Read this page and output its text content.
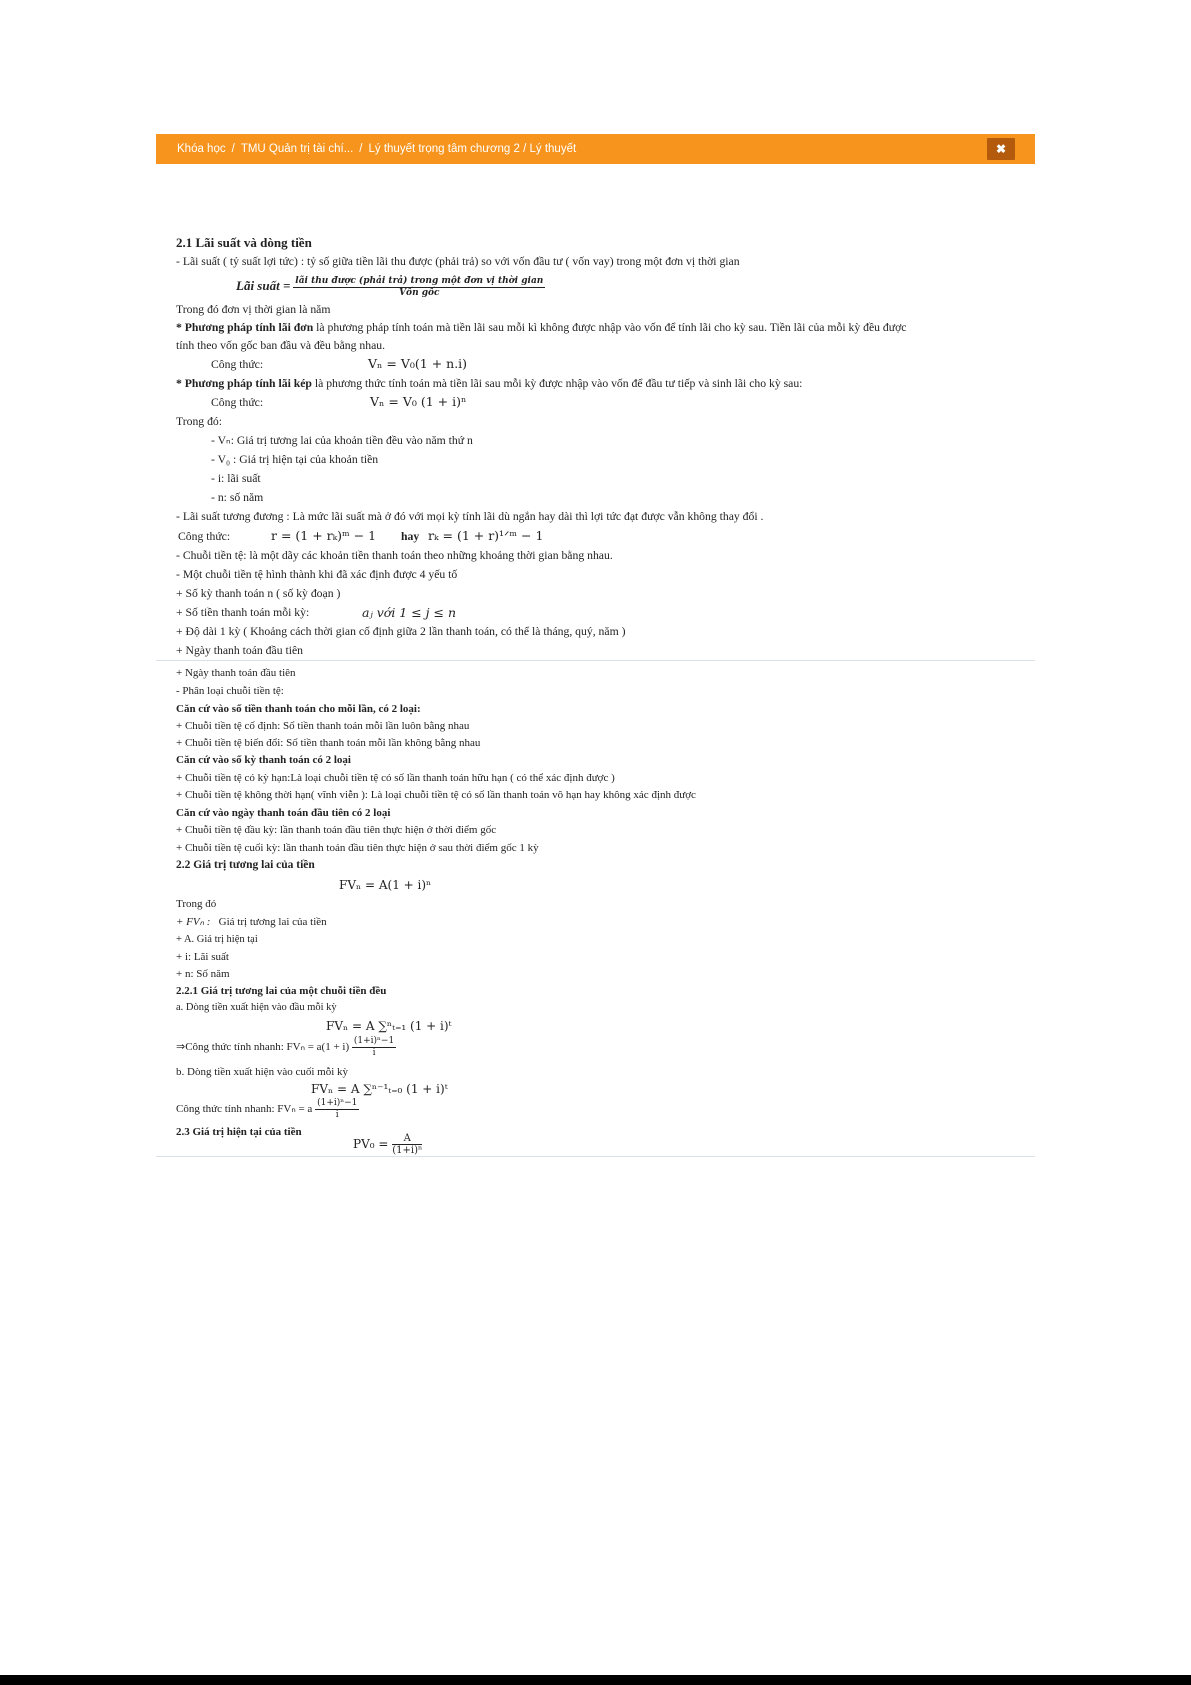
Khóa học / TMU Quản trị tài chí... / Lý thuyết trọng tâm chương 2 / Lý thuyết	✖
2.1 Lãi suất và dòng tiền
- Lãi suất ( tỷ suất lợi tức) : tỷ số giữa tiền lãi thu được (phải trả) so với vốn đầu tư ( vốn vay) trong một đơn vị thời gian
Lãi suất = $\frac{\text{lãi thu được (phải trả) trong một đơn vị thời gian}}{\text{Vốn gốc}}$
Trong đó đơn vị thời gian là năm
* Phương pháp tính lãi đơn là phương pháp tính toán mà tiền lãi sau mỗi kì không được nhập vào vốn để tính lãi cho kỳ sau. Tiền lãi của mỗi kỳ đều được
tính theo vốn gốc ban đầu và đều bằng nhau.
Công thức:	Vₙ = V₀(1 + n.i)
* Phương pháp tính lãi kép là phương thức tính toán mà tiền lãi sau mỗi kỳ được nhập vào vốn để đầu tư tiếp và sinh lãi cho kỳ sau:
Công thức:	Vₙ = V₀ (1 + i)ⁿ
Trong đó:
- Vₙ: Giá trị tương lai của khoản tiền đều vào năm thứ n
- V₀ : Giá trị hiện tại của khoản tiền
- i: lãi suất
- n: số năm
- Lãi suất tương đương : Là mức lãi suất mà ở đó với mọi kỳ tính lãi dù ngắn hay dài thì lợi tức đạt được vẫn không thay đổi .
Công thức:	r = (1 + rₖ)ᵐ − 1 hay rₖ = (1 + r)¹ᐟᵐ − 1
- Chuỗi tiền tệ: là một dãy các khoản tiền thanh toán theo những khoảng thời gian bằng nhau.
- Một chuỗi tiền tệ hình thành khi đã xác định được 4 yếu tố
+ Số kỳ thanh toán n ( số kỳ đoạn )
+ Số tiền thanh toán mỗi kỳ:	aⱼ với 1 ≤ j ≤ n
+ Độ dài 1 kỳ ( Khoảng cách thời gian cố định giữa 2 lần thanh toán, có thể là tháng, quý, năm )
+ Ngày thanh toán đầu tiên
+ Ngày thanh toán đầu tiên
- Phân loại chuỗi tiền tệ:
Căn cứ vào số tiền thanh toán cho mỗi lần, có 2 loại:
+ Chuỗi tiền tệ cố định: Số tiền thanh toán mỗi lần luôn bằng nhau
+ Chuỗi tiền tệ biến đổi: Số tiền thanh toán mỗi lần không bằng nhau
Căn cứ vào số kỳ thanh toán có 2 loại
+ Chuỗi tiền tệ có kỳ hạn:Là loại chuỗi tiền tệ có số lần thanh toán hữu hạn ( có thể xác định được )
+ Chuỗi tiền tệ không thời hạn( vĩnh viễn ): Là loại chuỗi tiền tệ có số lần thanh toán vô hạn hay không xác định được
Căn cứ vào ngày thanh toán đầu tiên có 2 loại
+ Chuỗi tiền tệ đầu kỳ: lần thanh toán đầu tiên thực hiện ở thời điểm gốc
+ Chuỗi tiền tệ cuối kỳ: lần thanh toán đầu tiên thực hiện ở sau thời điểm gốc 1 kỳ
2.2 Giá trị tương lai của tiền
FVₙ = A(1 + i)ⁿ
Trong đó
+ FVₙ : Giá trị tương lai của tiền
+ A. Giá trị hiện tại
+ i: Lãi suất
+ n: Số năm
2.2.1 Giá trị tương lai của một chuỗi tiền đều
a. Dòng tiền xuất hiện vào đầu mỗi kỳ
FVₙ = A ∑ⁿₜ₌₁ (1 + i)ᵗ
⇒Công thức tính nhanh: $FV_n = a(1 + i) \frac{\text{(1+i)ⁿ−1}}{i}$
b. Dòng tiền xuất hiện vào cuối mỗi kỳ
FVₙ = A ∑ⁿ⁻¹ₜ₌₀ (1 + i)ᵗ
Công thức tính nhanh: FVₙ = a $\frac{\text{(1+i)ⁿ−1}}{i}$
2.3 Giá trị hiện tại của tiền
$PV_0 = \frac{A}{\text{(1+i)ⁿ}}$
